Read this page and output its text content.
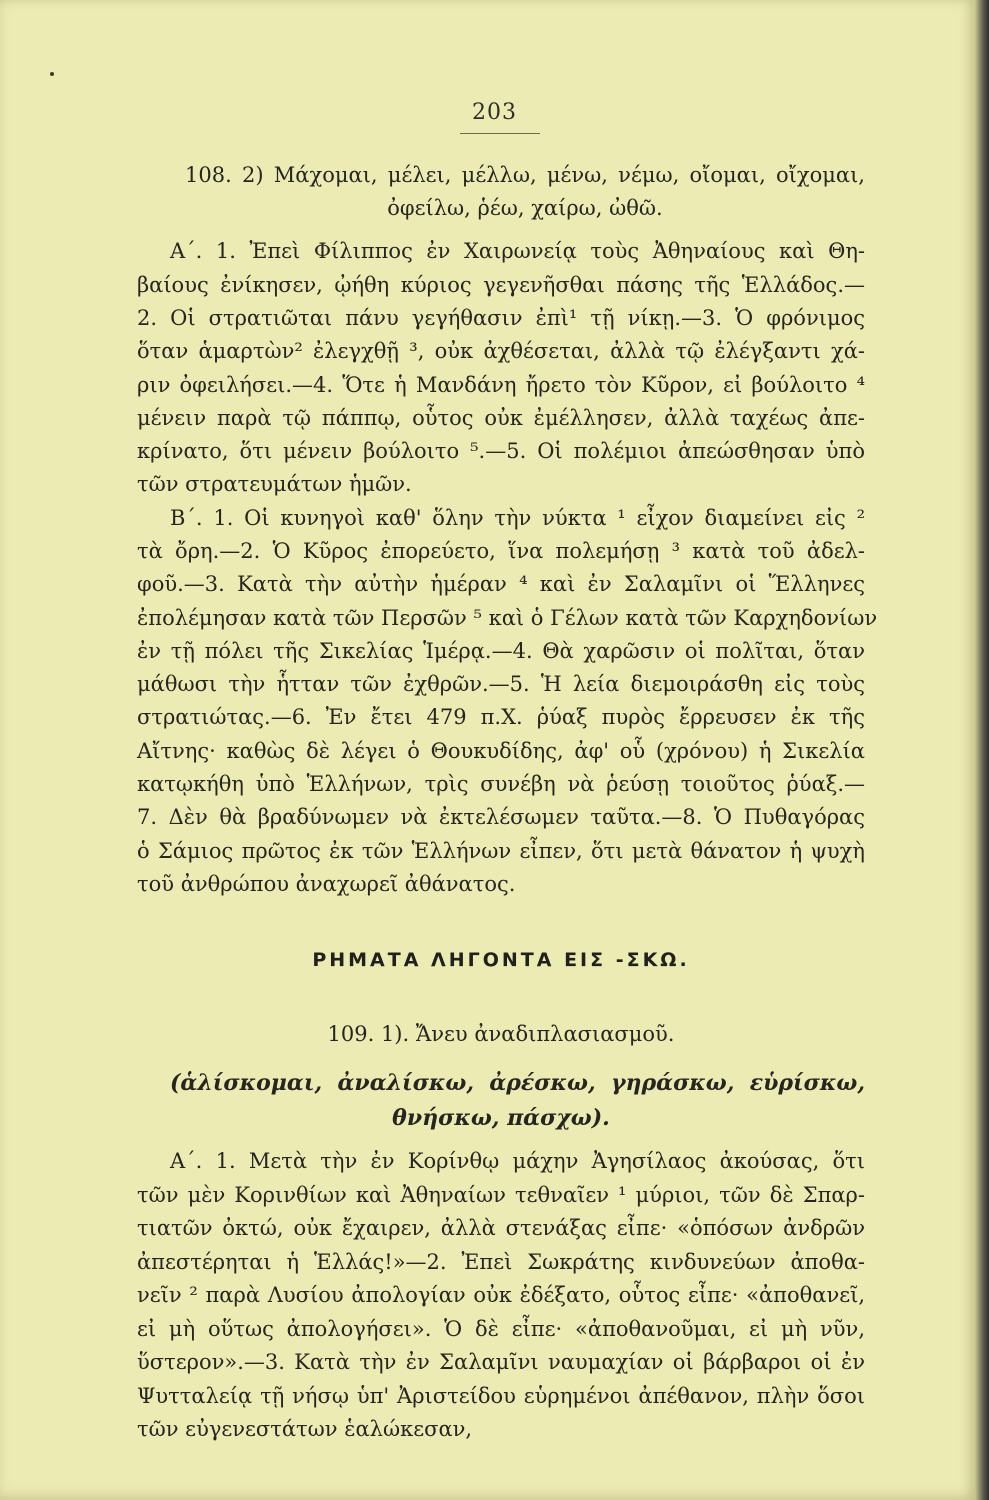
203

108. 2) Μάχομαι, μέλει, μέλλω, μένω, νέμω, οἴομαι, οἴχομαι,

ὀφείλω, ῥέω, χαίρω, ὠθῶ.

Α΄. 1. Ἐπεὶ Φίλιππος ἐν Χαιρωνείᾳ τοὺς Ἀθηναίους καὶ Θη-

βαίους ἐνίκησεν, ᾠήθη κύριος γεγενῆσθαι πάσης τῆς Ἑλλάδος.—

2. Οἱ στρατιῶται πάνυ γεγήθασιν ἐπὶ¹ τῇ νίκῃ.—3. Ὁ φρόνιμος

ὅταν ἁμαρτὼν² ἐλεγχθῇ ³, οὐκ ἀχθέσεται, ἀλλὰ τῷ ἐλέγξαντι χά-

ριν ὀφειλήσει.—4. Ὅτε ἡ Μανδάνη ἤρετο τὸν Κῦρον, εἰ βούλοιτο ⁴

μένειν παρὰ τῷ πάππῳ, οὗτος οὐκ ἐμέλλησεν, ἀλλὰ ταχέως ἀπε-

κρίνατο, ὅτι μένειν βούλοιτο ⁵.—5. Οἱ πολέμιοι ἀπεώσθησαν ὑπὸ

τῶν στρατευμάτων ἡμῶν.

Β΄. 1. Οἱ κυνηγοὶ καθ' ὅλην τὴν νύκτα ¹ εἶχον διαμείνει εἰς ²

τὰ ὄρη.—2. Ὁ Κῦρος ἐπορεύετο, ἵνα πολεμήσῃ ³ κατὰ τοῦ ἀδελ-

φοῦ.—3. Κατὰ τὴν αὐτὴν ἡμέραν ⁴ καὶ ἐν Σαλαμῖνι οἱ Ἕλληνες

ἐπολέμησαν κατὰ τῶν Περσῶν ⁵ καὶ ὁ Γέλων κατὰ τῶν Καρχηδονίων

ἐν τῇ πόλει τῆς Σικελίας Ἱμέρᾳ.—4. Θὰ χαρῶσιν οἱ πολῖται, ὅταν

μάθωσι τὴν ἧτταν τῶν ἐχθρῶν.—5. Ἡ λεία διεμοιράσθη εἰς τοὺς

στρατιώτας.—6. Ἐν ἔτει 479 π.Χ. ῥύαξ πυρὸς ἔρρευσεν ἐκ τῆς

Αἴτνης· καθὼς δὲ λέγει ὁ Θουκυδίδης, ἀφ' οὗ (χρόνου) ἡ Σικελία

κατῳκήθη ὑπὸ Ἑλλήνων, τρὶς συνέβη νὰ ῥεύσῃ τοιοῦτος ῥύαξ.—

7. Δὲν θὰ βραδύνωμεν νὰ ἐκτελέσωμεν ταῦτα.—8. Ὁ Πυθαγόρας

ὁ Σάμιος πρῶτος ἐκ τῶν Ἑλλήνων εἶπεν, ὅτι μετὰ θάνατον ἡ ψυχὴ

τοῦ ἀνθρώπου ἀναχωρεῖ ἀθάνατος.

ΡΗΜΑΤΑ ΛΗΓΟΝΤΑ ΕΙΣ -ΣΚΩ.

109. 1). Ἄνευ ἀναδιπλασιασμοῦ.

(ἁλίσκομαι, ἀναλίσκω, ἀρέσκω, γηράσκω, εὑρίσκω,

θνήσκω, πάσχω).

Α΄. 1. Μετὰ τὴν ἐν Κορίνθῳ μάχην Ἀγησίλαος ἀκούσας, ὅτι

τῶν μὲν Κορινθίων καὶ Ἀθηναίων τεθναῖεν ¹ μύριοι, τῶν δὲ Σπαρ-

τιατῶν ὀκτώ, οὐκ ἔχαιρεν, ἀλλὰ στενάξας εἶπε· «ὁπόσων ἀνδρῶν

ἀπεστέρηται ἡ Ἑλλάς!»—2. Ἐπεὶ Σωκράτης κινδυνεύων ἀποθα-

νεῖν ² παρὰ Λυσίου ἀπολογίαν οὐκ ἐδέξατο, οὗτος εἶπε· «ἀποθανεῖ,

εἰ μὴ οὕτως ἀπολογήσει». Ὁ δὲ εἶπε· «ἀποθανοῦμαι, εἰ μὴ νῦν,

ὕστερον».—3. Κατὰ τὴν ἐν Σαλαμῖνι ναυμαχίαν οἱ βάρβαροι οἱ ἐν

Ψυτταλείᾳ τῇ νήσῳ ὑπ' Ἀριστείδου εὑρημένοι ἀπέθανον, πλὴν ὅσοι

τῶν εὐγενεστάτων ἑαλώκεσαν,
